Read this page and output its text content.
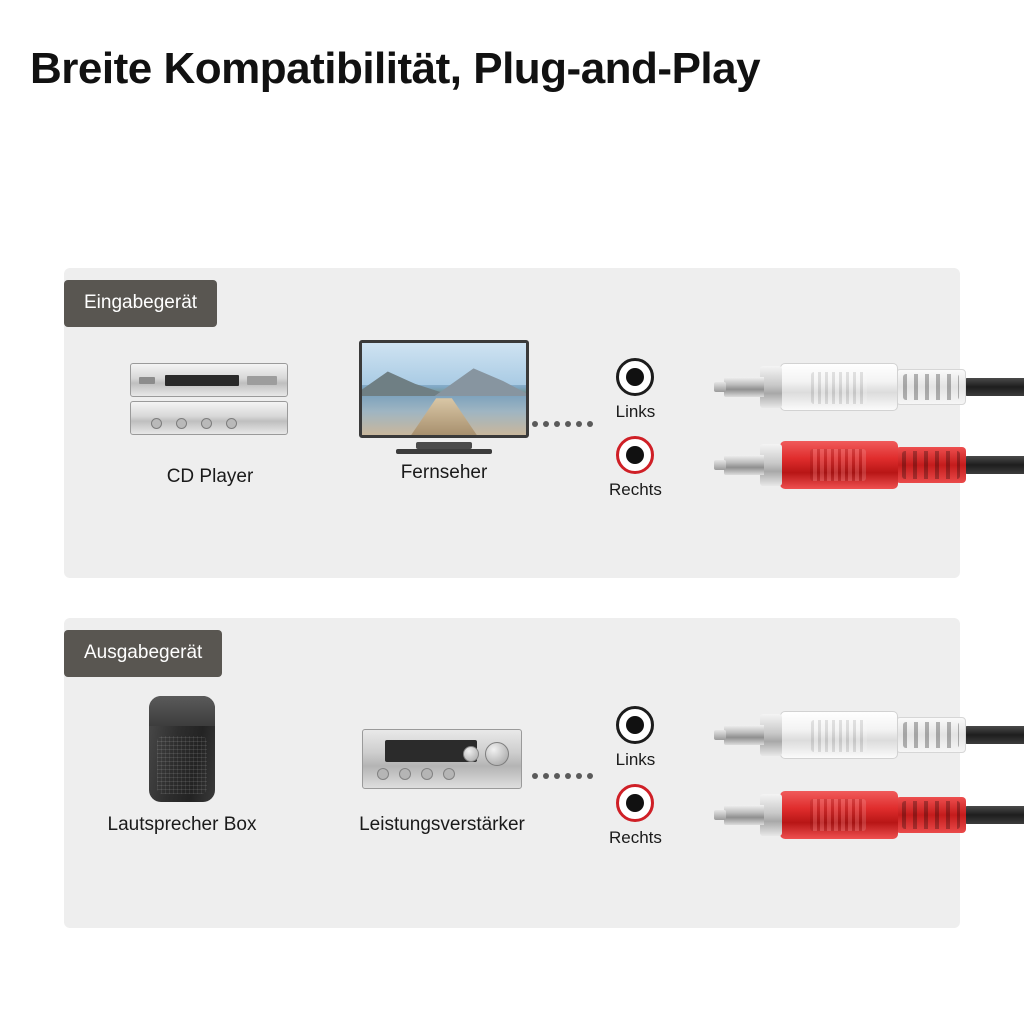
Breite Kompatibilität, Plug-and-Play
Eingabegerät
CD Player	Fernseher
Links
Rechts
Ausgabegerät
Lautsprecher Box	Leistungsverstärker
Links
Rechts
